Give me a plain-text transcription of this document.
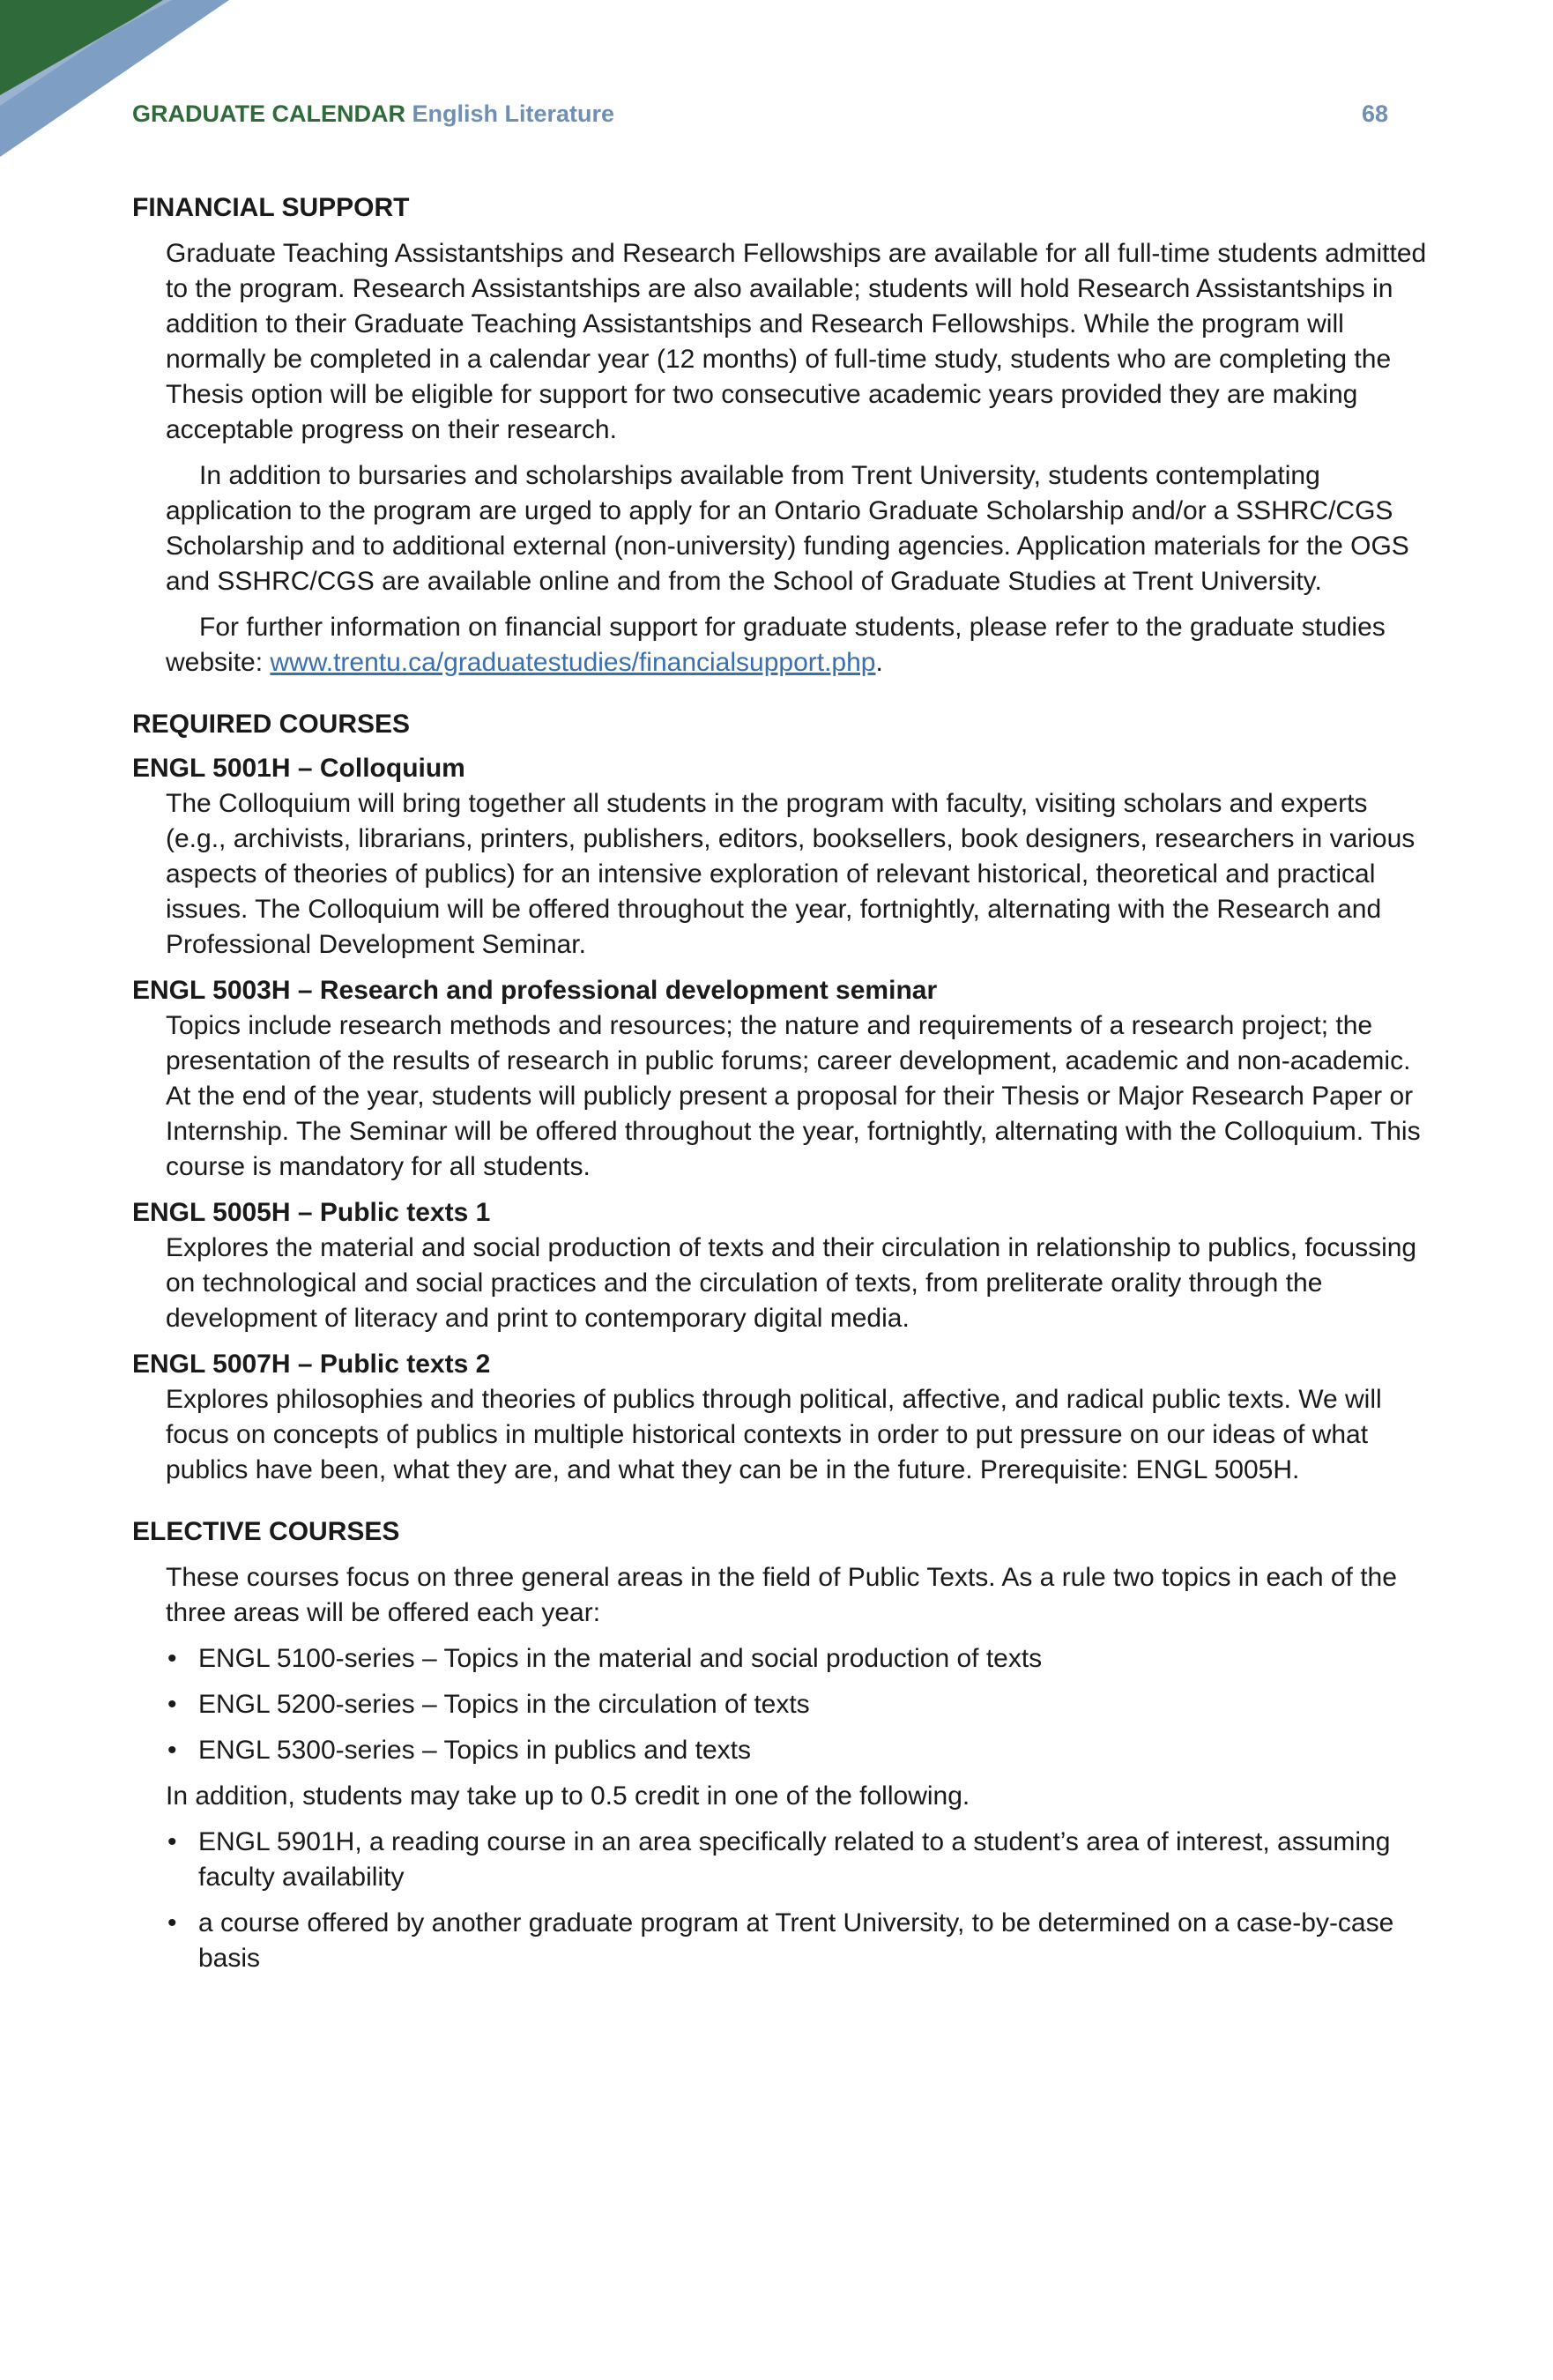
GRADUATE CALENDAR English Literature	68
FINANCIAL SUPPORT

Graduate Teaching Assistantships and Research Fellowships are available for all full-time students admitted to the program. Research Assistantships are also available; students will hold Research Assistantships in addition to their Graduate Teaching Assistantships and Research Fellowships. While the program will normally be completed in a calendar year (12 months) of full-time study, students who are completing the Thesis option will be eligible for support for two consecutive academic years provided they are making acceptable progress on their research.

In addition to bursaries and scholarships available from Trent University, students contemplating application to the program are urged to apply for an Ontario Graduate Scholarship and/or a SSHRC/CGS Scholarship and to additional external (non-university) funding agencies. Application materials for the OGS and SSHRC/CGS are available online and from the School of Graduate Studies at Trent University.

For further information on financial support for graduate students, please refer to the graduate studies website: www.trentu.ca/graduatestudies/financialsupport.php.

REQUIRED COURSES

ENGL 5001H – Colloquium

The Colloquium will bring together all students in the program with faculty, visiting scholars and experts (e.g., archivists, librarians, printers, publishers, editors, booksellers, book designers, researchers in various aspects of theories of publics) for an intensive exploration of relevant historical, theoretical and practical issues. The Colloquium will be offered throughout the year, fortnightly, alternating with the Research and Professional Development Seminar.

ENGL 5003H – Research and professional development seminar

Topics include research methods and resources; the nature and requirements of a research project; the presentation of the results of research in public forums; career development, academic and non-academic. At the end of the year, students will publicly present a proposal for their Thesis or Major Research Paper or Internship. The Seminar will be offered throughout the year, fortnightly, alternating with the Colloquium. This course is mandatory for all students.

ENGL 5005H – Public texts 1

Explores the material and social production of texts and their circulation in relationship to publics, focussing on technological and social practices and the circulation of texts, from preliterate orality through the development of literacy and print to contemporary digital media.

ENGL 5007H – Public texts 2

Explores philosophies and theories of publics through political, affective, and radical public texts. We will focus on concepts of publics in multiple historical contexts in order to put pressure on our ideas of what publics have been, what they are, and what they can be in the future. Prerequisite: ENGL 5005H.

ELECTIVE COURSES

These courses focus on three general areas in the field of Public Texts. As a rule two topics in each of the three areas will be offered each year:

• ENGL 5100-series – Topics in the material and social production of texts
• ENGL 5200-series – Topics in the circulation of texts
• ENGL 5300-series – Topics in publics and texts

In addition, students may take up to 0.5 credit in one of the following.

• ENGL 5901H, a reading course in an area specifically related to a student’s area of interest, assuming faculty availability
• a course offered by another graduate program at Trent University, to be determined on a case-by-case basis
